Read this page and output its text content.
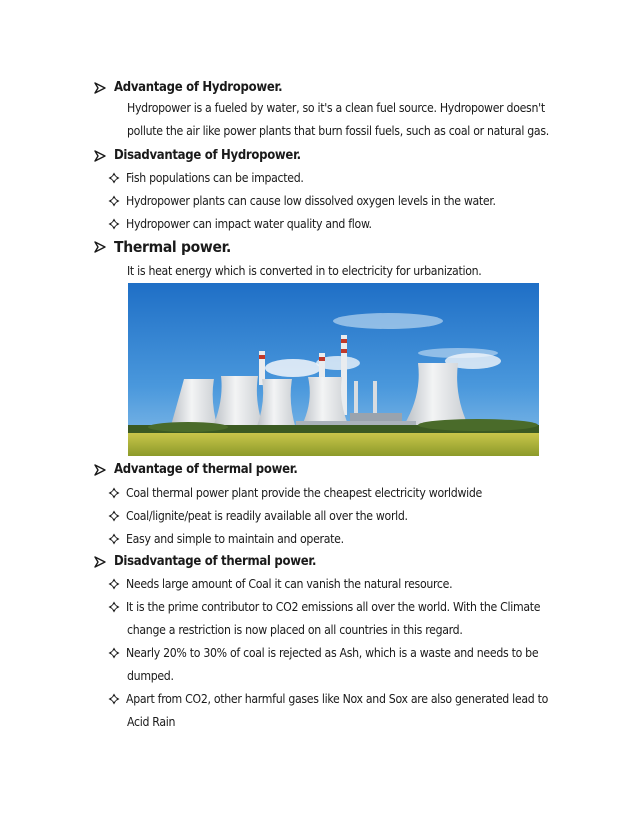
Advantage of Hydropower.
Hydropower is a fueled by water, so it's a clean fuel source. Hydropower doesn't
pollute the air like power plants that burn fossil fuels, such as coal or natural gas.
Disadvantage of Hydropower.
Fish populations can be impacted.
Hydropower plants can cause low dissolved oxygen levels in the water.
Hydropower can impact water quality and flow.
Thermal power.
It is heat energy which is converted in to electricity for urbanization.
Advantage of thermal power.
Coal thermal power plant provide the cheapest electricity worldwide
Coal/lignite/peat is readily available all over the world.
Easy and simple to maintain and operate.
Disadvantage of thermal power.
Needs large amount of Coal it can vanish the natural resource.
It is the prime contributor to CO2 emissions all over the world. With the Climate
change a restriction is now placed on all countries in this regard.
Nearly 20% to 30% of coal is rejected as Ash, which is a waste and needs to be
dumped.
Apart from CO2, other harmful gases like Nox and Sox are also generated lead to
Acid Rain
